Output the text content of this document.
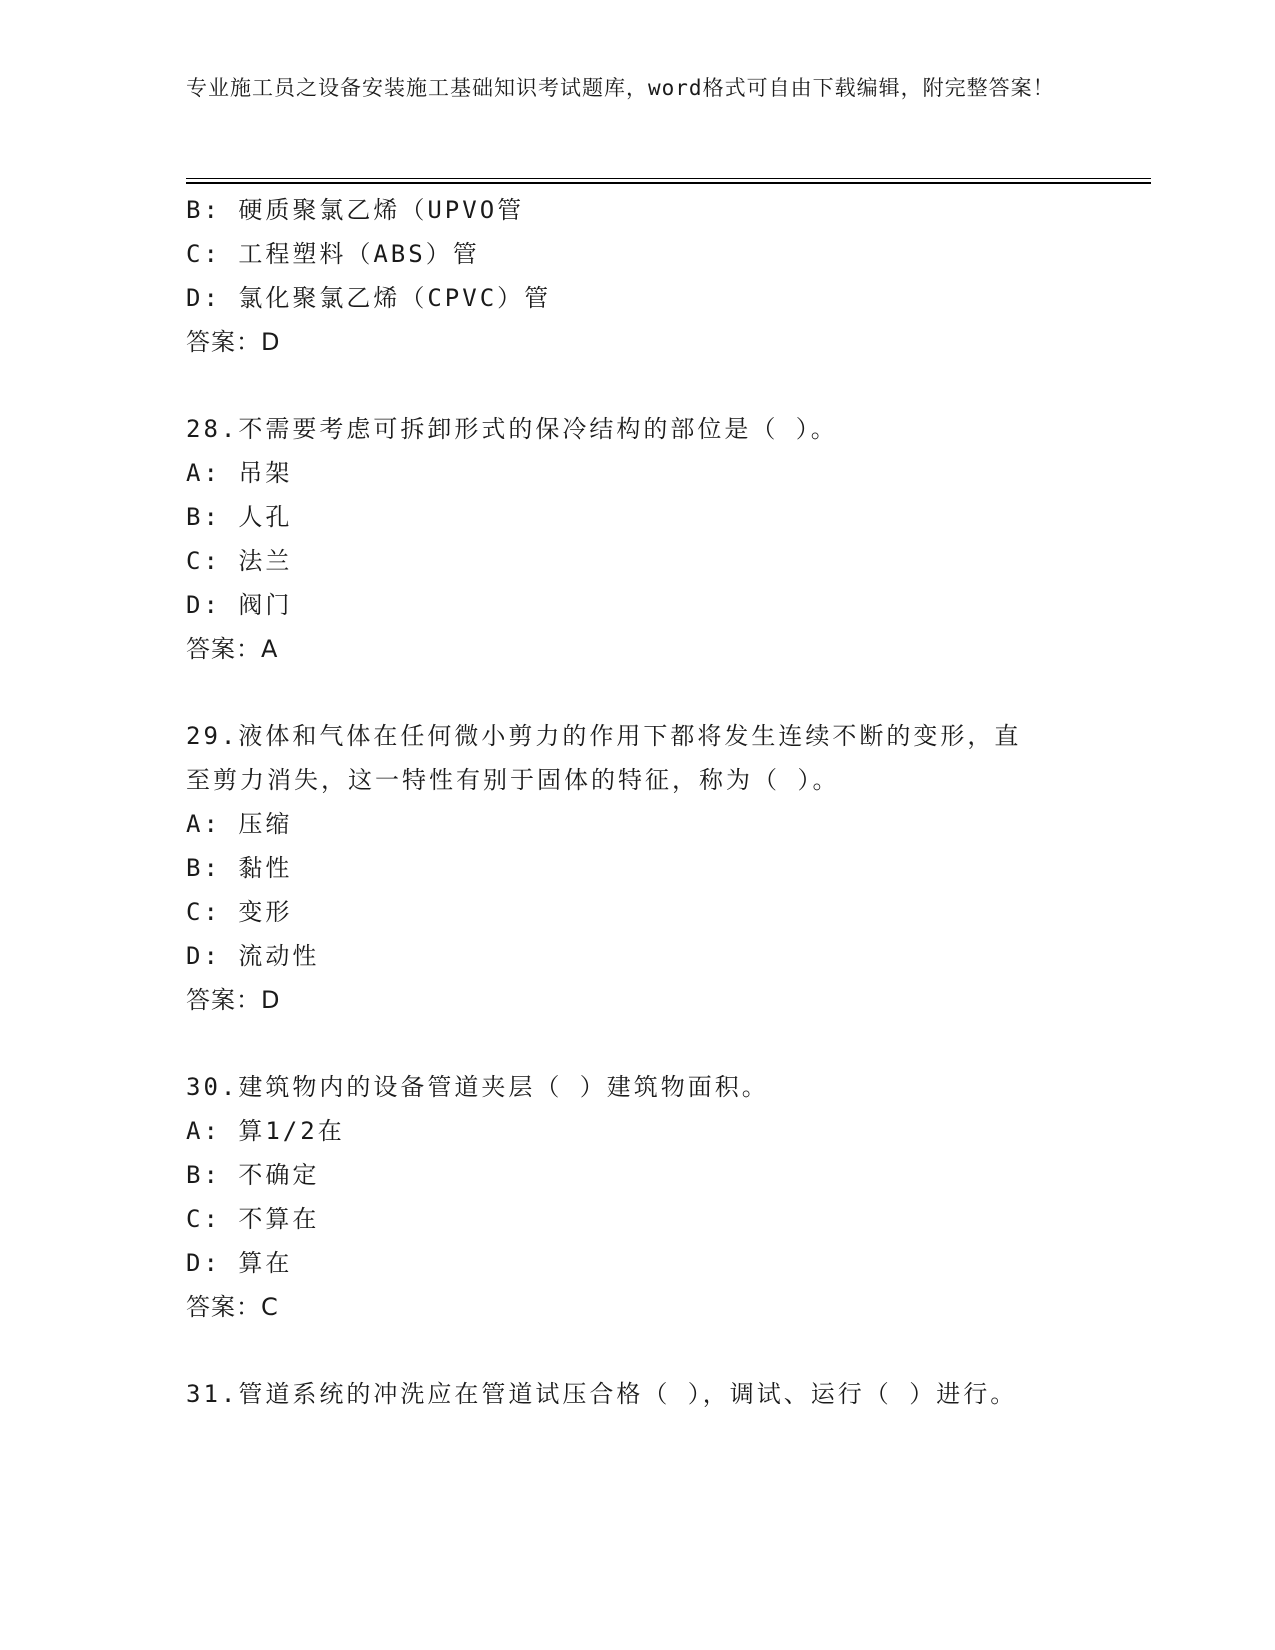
专业施工员之设备安装施工基础知识考试题库，word格式可自由下载编辑，附完整答案！
B: 硬质聚氯乙烯（UPVO管
C: 工程塑料（ABS）管
D: 氯化聚氯乙烯（CPVC）管
答案：D
28.不需要考虑可拆卸形式的保冷结构的部位是（ ）。
A: 吊架
B: 人孔
C: 法兰
D: 阀门
答案：A
29.液体和气体在任何微小剪力的作用下都将发生连续不断的变形，直
至剪力消失，这一特性有别于固体的特征，称为（ ）。
A: 压缩
B: 黏性
C: 变形
D: 流动性
答案：D
30.建筑物内的设备管道夹层（ ）建筑物面积。
A: 算1/2在
B: 不确定
C: 不算在
D: 算在
答案：C
31.管道系统的冲洗应在管道试压合格（ ），调试、运行（ ）进行。
